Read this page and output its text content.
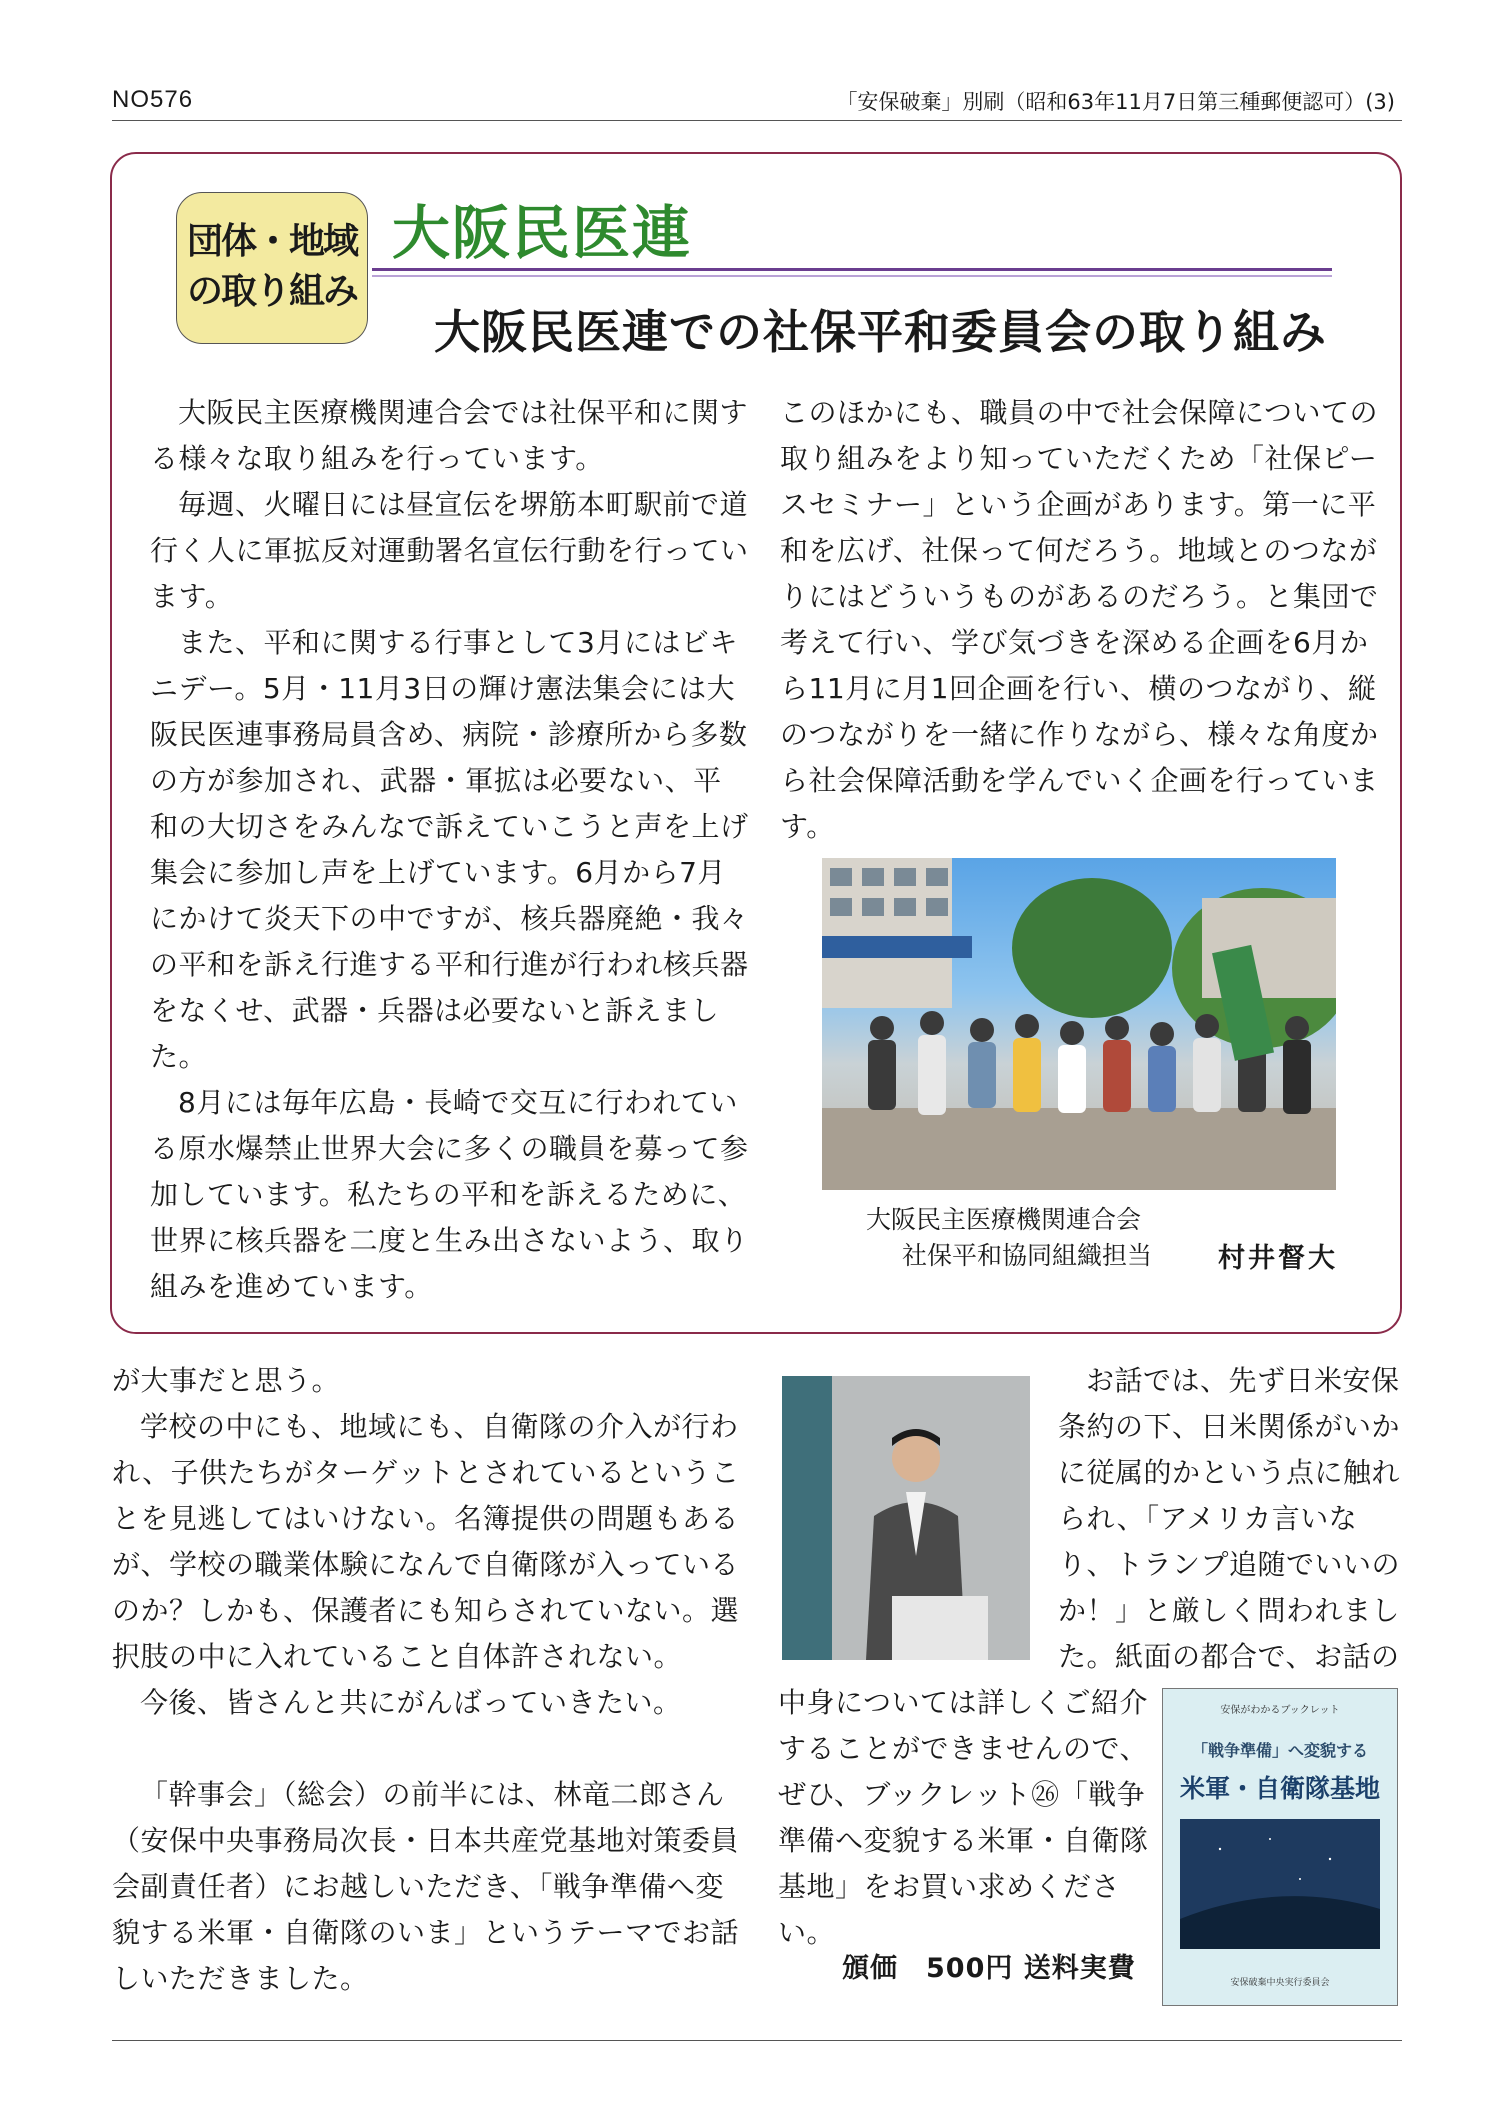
NO576	「安保破棄」別刷（昭和63年11月7日第三種郵便認可）(3)
団体・地域
の取り組み
大阪民医連
大阪民医連での社保平和委員会の取り組み

大阪民主医療機関連合会では社保平和に関する様々な取り組みを行っています。

毎週、火曜日には昼宣伝を堺筋本町駅前で道行く人に軍拡反対運動署名宣伝行動を行っています。

また、平和に関する行事として3月にはビキニデー。5月・11月3日の輝け憲法集会には大阪民医連事務局員含め、病院・診療所から多数の方が参加され、武器・軍拡は必要ない、平和の大切さをみんなで訴えていこうと声を上げ集会に参加し声を上げています。6月から7月にかけて炎天下の中ですが、核兵器廃絶・我々の平和を訴え行進する平和行進が行われ核兵器をなくせ、武器・兵器は必要ないと訴えました。

8月には毎年広島・長崎で交互に行われている原水爆禁止世界大会に多くの職員を募って参加しています。私たちの平和を訴えるために、世界に核兵器を二度と生み出さないよう、取り組みを進めています。

このほかにも、職員の中で社会保障についての取り組みをより知っていただくため「社保ピースセミナー」という企画があります。第一に平和を広げ、社保って何だろう。地域とのつながりにはどういうものがあるのだろう。と集団で考えて行い、学び気づきを深める企画を6月から11月に月1回企画を行い、横のつながり、縦のつながりを一緒に作りながら、様々な角度から社会保障活動を学んでいく企画を行っています。

大阪民主医療機関連合会
社保平和協同組織担当 村井督大

が大事だと思う。

学校の中にも、地域にも、自衛隊の介入が行われ、子供たちがターゲットとされているということを見逃してはいけない。名簿提供の問題もあるが、学校の職業体験になんで自衛隊が入っているのか？しかも、保護者にも知らされていない。選択肢の中に入れていること自体許されない。

今後、皆さんと共にがんばっていきたい。

「幹事会」（総会）の前半には、林竜二郎さん（安保中央事務局次長・日本共産党基地対策委員会副責任者）にお越しいただき、「戦争準備へ変貌する米軍・自衛隊のいま」というテーマでお話しいただきました。

お話では、先ず日米安保条約の下、日米関係がいかに従属的かという点に触れられ、「アメリカ言いなり、トランプ追随でいいのか！」と厳しく問われました。紙面の都合で、お話の

中身については詳しくご紹介することができませんので、ぜひ、ブックレット㉖「戦争準備へ変貌する米軍・自衛隊基地」をお買い求めください。

安保がわかるブックレット
「戦争準備」へ変貌する
米軍・自衛隊基地
安保破棄中央実行委員会
頒価　500円 送料実費
